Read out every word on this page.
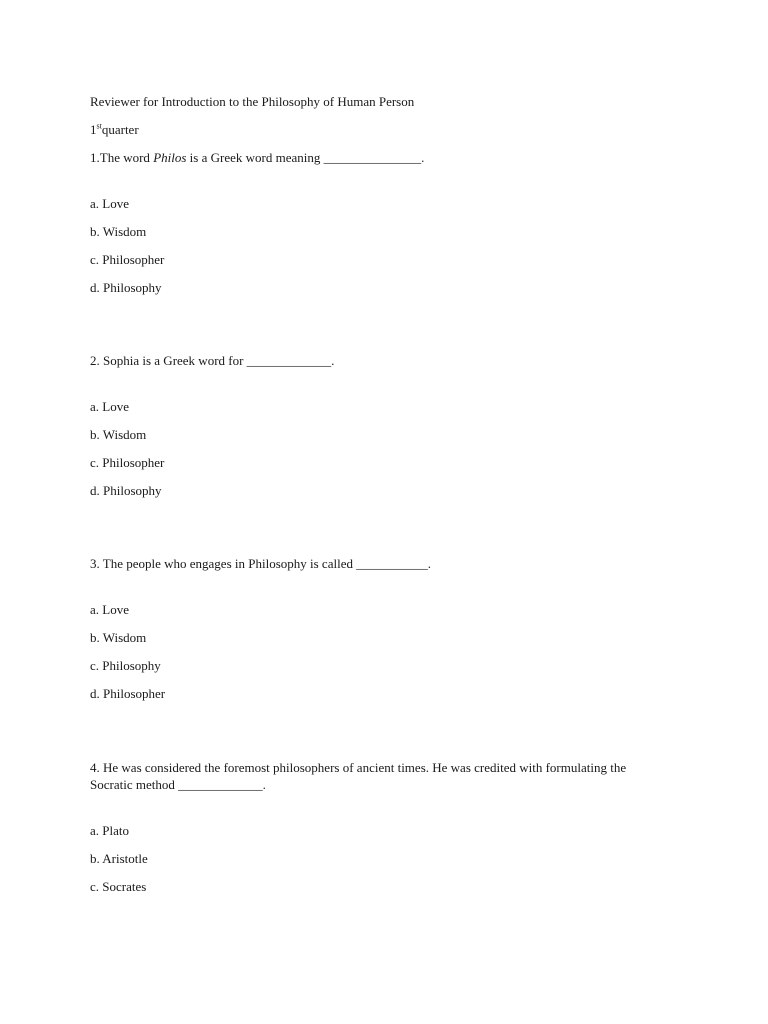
Reviewer for Introduction to the Philosophy of Human Person
1stquarter
1.The word Philos is a Greek word meaning _______________.
a. Love
b. Wisdom
c. Philosopher
d. Philosophy
2. Sophia is a Greek word for _____________.
a. Love
b. Wisdom
c. Philosopher
d. Philosophy
3. The people who engages in Philosophy is called ___________.
a. Love
b. Wisdom
c. Philosophy
d. Philosopher
4. He was considered the foremost philosophers of ancient times. He was credited with formulating the
Socratic method _____________.
a. Plato
b. Aristotle
c. Socrates
